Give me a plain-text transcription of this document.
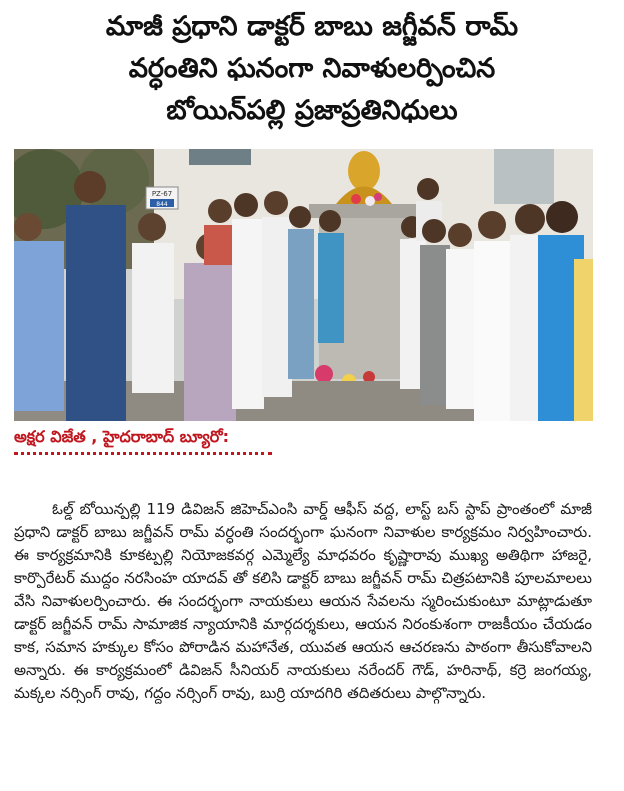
మాజీ ప్రధాని డాక్టర్ బాబు జగ్జీవన్ రామ్
వర్ధంతిని ఘనంగా నివాళులర్పించిన
బోయిన్‌పల్లి ప్రజాప్రతినిధులు
PZ-67
844
అక్షర విజేత , హైదరాబాద్ బ్యూరో:
ఓల్డ్ బోయిన్పల్లి 119 డివిజన్ జిహెచ్ఎంసి వార్డ్ ఆఫీస్ వద్ద, లాస్ట్ బస్ స్టాప్ ప్రాంతంలో మాజీ ప్రధాని డాక్టర్ బాబు జగ్జీవన్ రామ్ వర్ధంతి సందర్భంగా ఘనంగా నివాళుల కార్యక్రమం నిర్వహించారు. ఈ కార్యక్రమానికి కూకట్పల్లి నియోజకవర్గ ఎమ్మెల్యే మాధవరం కృష్ణారావు ముఖ్య అతిథిగా హాజరై, కార్పొరేటర్ ముద్దం నరసింహ యాదవ్ తో కలిసి డాక్టర్ బాబు జగ్జీవన్ రామ్ చిత్రపటానికి పూలమాలలు వేసి నివాళులర్పించారు. ఈ సందర్భంగా నాయకులు ఆయన సేవలను స్మరించుకుంటూ మాట్లాడుతూ డాక్టర్ జగ్జీవన్ రామ్ సామాజిక న్యాయానికి మార్గదర్శకులు, ఆయన నిరంకుశంగా రాజకీయం చేయడం కాక, సమాన హక్కుల కోసం పోరాడిన మహానేత, యువత ఆయన ఆచరణను పాఠంగా తీసుకోవాలని అన్నారు. ఈ కార్యక్రమంలో డివిజన్ సీనియర్ నాయకులు నరేందర్ గౌడ్, హరినాథ్, కర్రె జంగయ్య, మక్కల నర్సింగ్ రావు, గద్దం నర్సింగ్ రావు, బుర్రి యాదగిరి తదితరులు పాల్గొన్నారు.
